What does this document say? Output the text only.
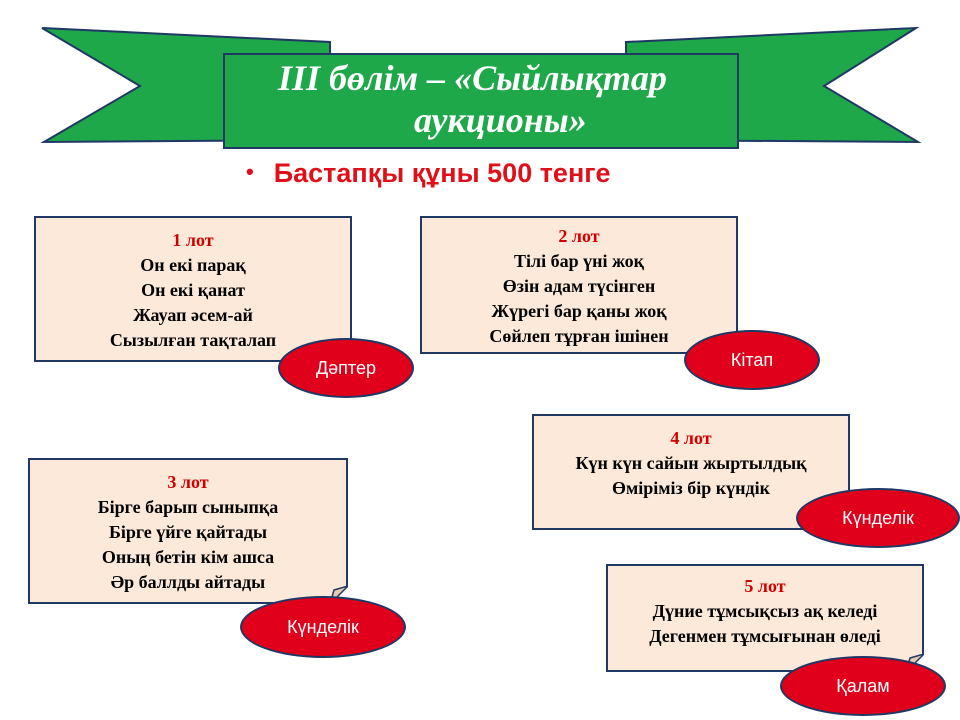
III бөлім – «Сыйлықтар
аукционы»
• Бастапқы құны 500 тенге
1 лот
Он екі парақ
Он екі қанат
Жауап әсем-ай
Сызылған тақталап
Дәптер
2 лот
Тілі бар үні жоқ
Өзін адам түсінген
Жүрегі бар қаны жоқ
Сөйлеп тұрған ішінен
Кітап
3 лот
Бірге барып сыныпқа
Бірге үйге қайтады
Оның бетін кім ашса
Әр баллды айтады
Күнделік
4 лот
Күн күн сайын жыртылдық
Өміріміз бір күндік
Күнделік
5 лот
Дүние тұмсықсыз ақ келеді
Дегенмен тұмсығынан өледі
Қалам
